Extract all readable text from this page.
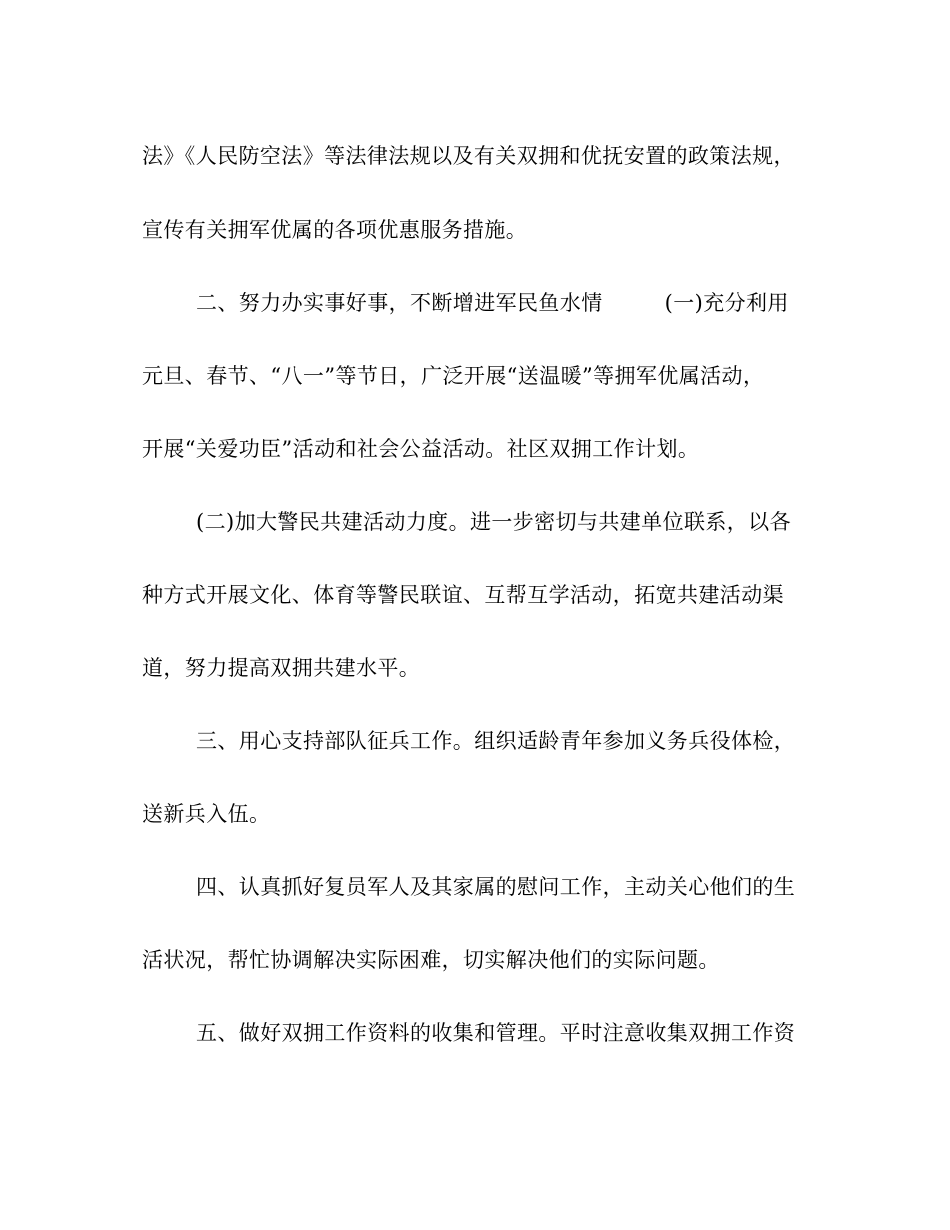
法》《人民防空法》等法律法规以及有关双拥和优抚安置的政策法规，
宣传有关拥军优属的各项优惠服务措施。
二、努力办实事好事，不断增进军民鱼水情	(一)充分利用
元旦、春节、“八一”等节日，广泛开展“送温暖”等拥军优属活动，
开展“关爱功臣”活动和社会公益活动。社区双拥工作计划。
(二)加大警民共建活动力度。进一步密切与共建单位联系，以各
种方式开展文化、体育等警民联谊、互帮互学活动，拓宽共建活动渠
道，努力提高双拥共建水平。
三、用心支持部队征兵工作。组织适龄青年参加义务兵役体检，
送新兵入伍。
四、认真抓好复员军人及其家属的慰问工作，主动关心他们的生
活状况，帮忙协调解决实际困难，切实解决他们的实际问题。
五、做好双拥工作资料的收集和管理。平时注意收集双拥工作资
